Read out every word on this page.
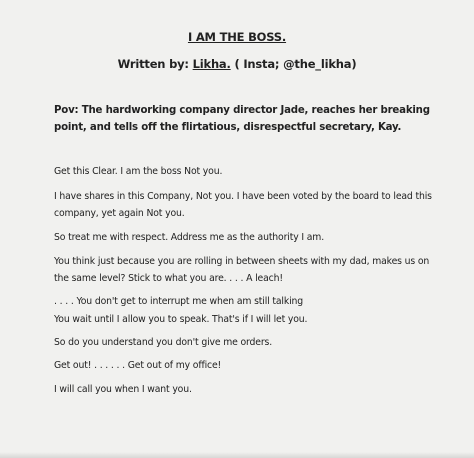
I AM THE BOSS.
Written by: Likha. ( Insta; @the_likha)

Pov: The hardworking company director Jade, reaches her breaking point, and tells off the flirtatious, disrespectful secretary, Kay.

Get this Clear. I am the boss Not you.

I have shares in this Company, Not you. I have been voted by the board to lead this company, yet again Not you.

So treat me with respect. Address me as the authority I am.

You think just because you are rolling in between sheets with my dad, makes us on the same level? Stick to what you are. . . . A leach!

. . . . You don't get to interrupt me when am still talking

You wait until I allow you to speak. That's if I will let you.

So do you understand you don't give me orders.

Get out! . . . . . . Get out of my office!

I will call you when I want you.
